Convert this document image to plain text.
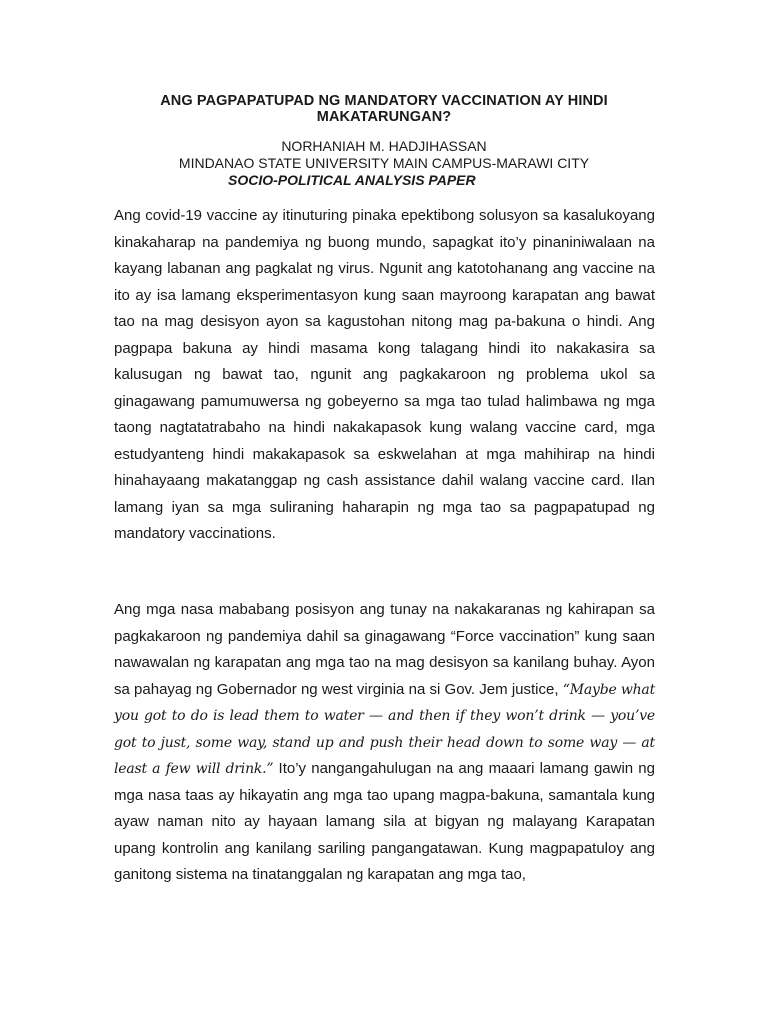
ANG PAGPAPATUPAD NG MANDATORY VACCINATION AY HINDI MAKATARUNGAN?
NORHANIAH M. HADJIHASSAN
MINDANAO STATE UNIVERSITY MAIN CAMPUS-MARAWI CITY
SOCIO-POLITICAL ANALYSIS PAPER

Ang covid-19 vaccine ay itinuturing pinaka epektibong solusyon sa kasalukoyang kinakaharap na pandemiya ng buong mundo, sapagkat ito’y pinaniniwalaan na kayang labanan ang pagkalat ng virus. Ngunit ang katotohanang ang vaccine na ito ay isa lamang eksperimentasyon kung saan mayroong karapatan ang bawat tao na mag desisyon ayon sa kagustohan nitong mag pa-bakuna o hindi. Ang pagpapa bakuna ay hindi masama kong talagang hindi ito nakakasira sa kalusugan ng bawat tao, ngunit ang pagkakaroon ng problema ukol sa ginagawang pamumuwersa ng gobeyerno sa mga tao tulad halimbawa ng mga taong nagtatatrabaho na hindi nakakapasok kung walang vaccine card, mga estudyanteng hindi makakapasok sa eskwelahan at mga mahihirap na hindi hinahayaang makatanggap ng cash assistance dahil walang vaccine card. Ilan lamang iyan sa mga suliraning haharapin ng mga tao sa pagpapatupad ng mandatory vaccinations.

Ang mga nasa mababang posisyon ang tunay na nakakaranas ng kahirapan sa pagkakaroon ng pandemiya dahil sa ginagawang “Force vaccination” kung saan nawawalan ng karapatan ang mga tao na mag desisyon sa kanilang buhay. Ayon sa pahayag ng Gobernador ng west virginia na si Gov. Jem justice, “Maybe what you got to do is lead them to water — and then if they won’t drink — you’ve got to just, some way, stand up and push their head down to some way — at least a few will drink.” Ito’y nangangahulugan na ang maaari lamang gawin ng mga nasa taas ay hikayatin ang mga tao upang magpa-bakuna, samantala kung ayaw naman nito ay hayaan lamang sila at bigyan ng malayang Karapatan upang kontrolin ang kanilang sariling pangangatawan. Kung magpapatuloy ang ganitong sistema na tinatanggalan ng karapatan ang mga tao,
